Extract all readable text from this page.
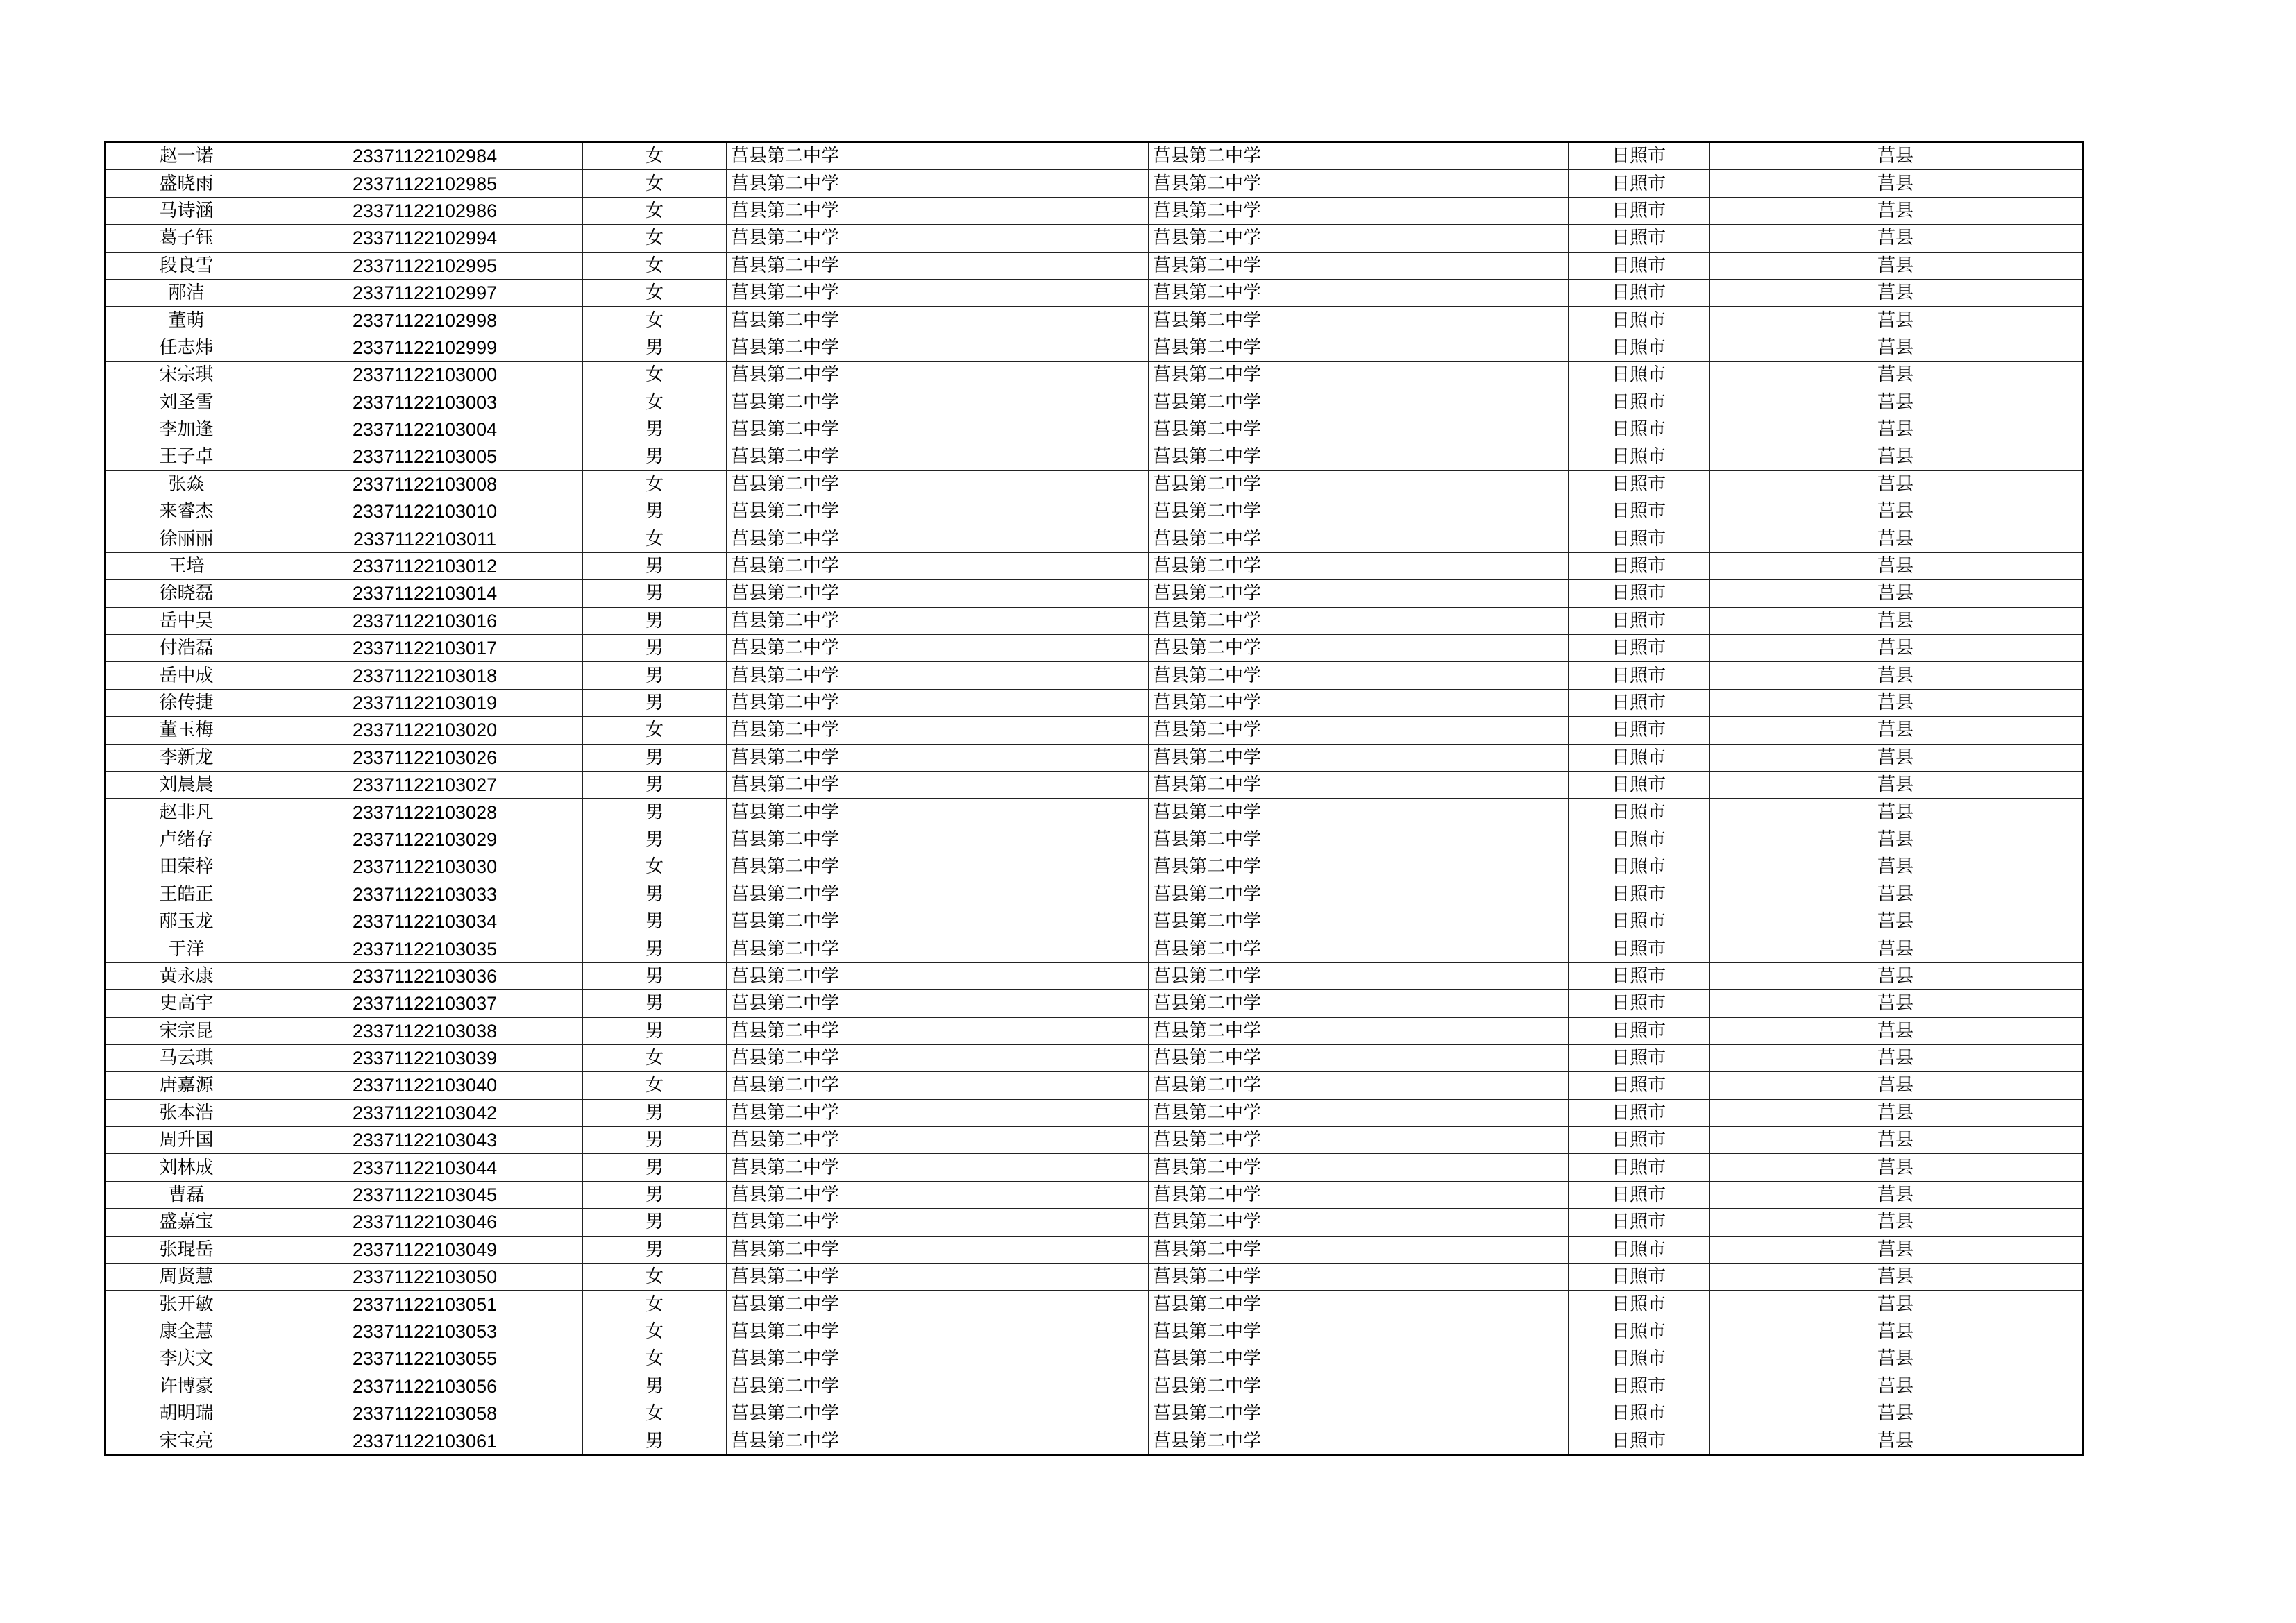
赵一诺	23371122102984	女	莒县第二中学	莒县第二中学	日照市	莒县
盛晓雨	23371122102985	女	莒县第二中学	莒县第二中学	日照市	莒县
马诗涵	23371122102986	女	莒县第二中学	莒县第二中学	日照市	莒县
葛子钰	23371122102994	女	莒县第二中学	莒县第二中学	日照市	莒县
段良雪	23371122102995	女	莒县第二中学	莒县第二中学	日照市	莒县
邴洁	23371122102997	女	莒县第二中学	莒县第二中学	日照市	莒县
董萌	23371122102998	女	莒县第二中学	莒县第二中学	日照市	莒县
任志炜	23371122102999	男	莒县第二中学	莒县第二中学	日照市	莒县
宋宗琪	23371122103000	女	莒县第二中学	莒县第二中学	日照市	莒县
刘圣雪	23371122103003	女	莒县第二中学	莒县第二中学	日照市	莒县
李加逢	23371122103004	男	莒县第二中学	莒县第二中学	日照市	莒县
王子卓	23371122103005	男	莒县第二中学	莒县第二中学	日照市	莒县
张焱	23371122103008	女	莒县第二中学	莒县第二中学	日照市	莒县
来睿杰	23371122103010	男	莒县第二中学	莒县第二中学	日照市	莒县
徐丽丽	23371122103011	女	莒县第二中学	莒县第二中学	日照市	莒县
王培	23371122103012	男	莒县第二中学	莒县第二中学	日照市	莒县
徐晓磊	23371122103014	男	莒县第二中学	莒县第二中学	日照市	莒县
岳中昊	23371122103016	男	莒县第二中学	莒县第二中学	日照市	莒县
付浩磊	23371122103017	男	莒县第二中学	莒县第二中学	日照市	莒县
岳中成	23371122103018	男	莒县第二中学	莒县第二中学	日照市	莒县
徐传捷	23371122103019	男	莒县第二中学	莒县第二中学	日照市	莒县
董玉梅	23371122103020	女	莒县第二中学	莒县第二中学	日照市	莒县
李新龙	23371122103026	男	莒县第二中学	莒县第二中学	日照市	莒县
刘晨晨	23371122103027	男	莒县第二中学	莒县第二中学	日照市	莒县
赵非凡	23371122103028	男	莒县第二中学	莒县第二中学	日照市	莒县
卢绪存	23371122103029	男	莒县第二中学	莒县第二中学	日照市	莒县
田荣梓	23371122103030	女	莒县第二中学	莒县第二中学	日照市	莒县
王皓正	23371122103033	男	莒县第二中学	莒县第二中学	日照市	莒县
邴玉龙	23371122103034	男	莒县第二中学	莒县第二中学	日照市	莒县
于洋	23371122103035	男	莒县第二中学	莒县第二中学	日照市	莒县
黄永康	23371122103036	男	莒县第二中学	莒县第二中学	日照市	莒县
史高宇	23371122103037	男	莒县第二中学	莒县第二中学	日照市	莒县
宋宗昆	23371122103038	男	莒县第二中学	莒县第二中学	日照市	莒县
马云琪	23371122103039	女	莒县第二中学	莒县第二中学	日照市	莒县
唐嘉源	23371122103040	女	莒县第二中学	莒县第二中学	日照市	莒县
张本浩	23371122103042	男	莒县第二中学	莒县第二中学	日照市	莒县
周升国	23371122103043	男	莒县第二中学	莒县第二中学	日照市	莒县
刘林成	23371122103044	男	莒县第二中学	莒县第二中学	日照市	莒县
曹磊	23371122103045	男	莒县第二中学	莒县第二中学	日照市	莒县
盛嘉宝	23371122103046	男	莒县第二中学	莒县第二中学	日照市	莒县
张琨岳	23371122103049	男	莒县第二中学	莒县第二中学	日照市	莒县
周贤慧	23371122103050	女	莒县第二中学	莒县第二中学	日照市	莒县
张开敏	23371122103051	女	莒县第二中学	莒县第二中学	日照市	莒县
康全慧	23371122103053	女	莒县第二中学	莒县第二中学	日照市	莒县
李庆文	23371122103055	女	莒县第二中学	莒县第二中学	日照市	莒县
许博豪	23371122103056	男	莒县第二中学	莒县第二中学	日照市	莒县
胡明瑞	23371122103058	女	莒县第二中学	莒县第二中学	日照市	莒县
宋宝亮	23371122103061	男	莒县第二中学	莒县第二中学	日照市	莒县
